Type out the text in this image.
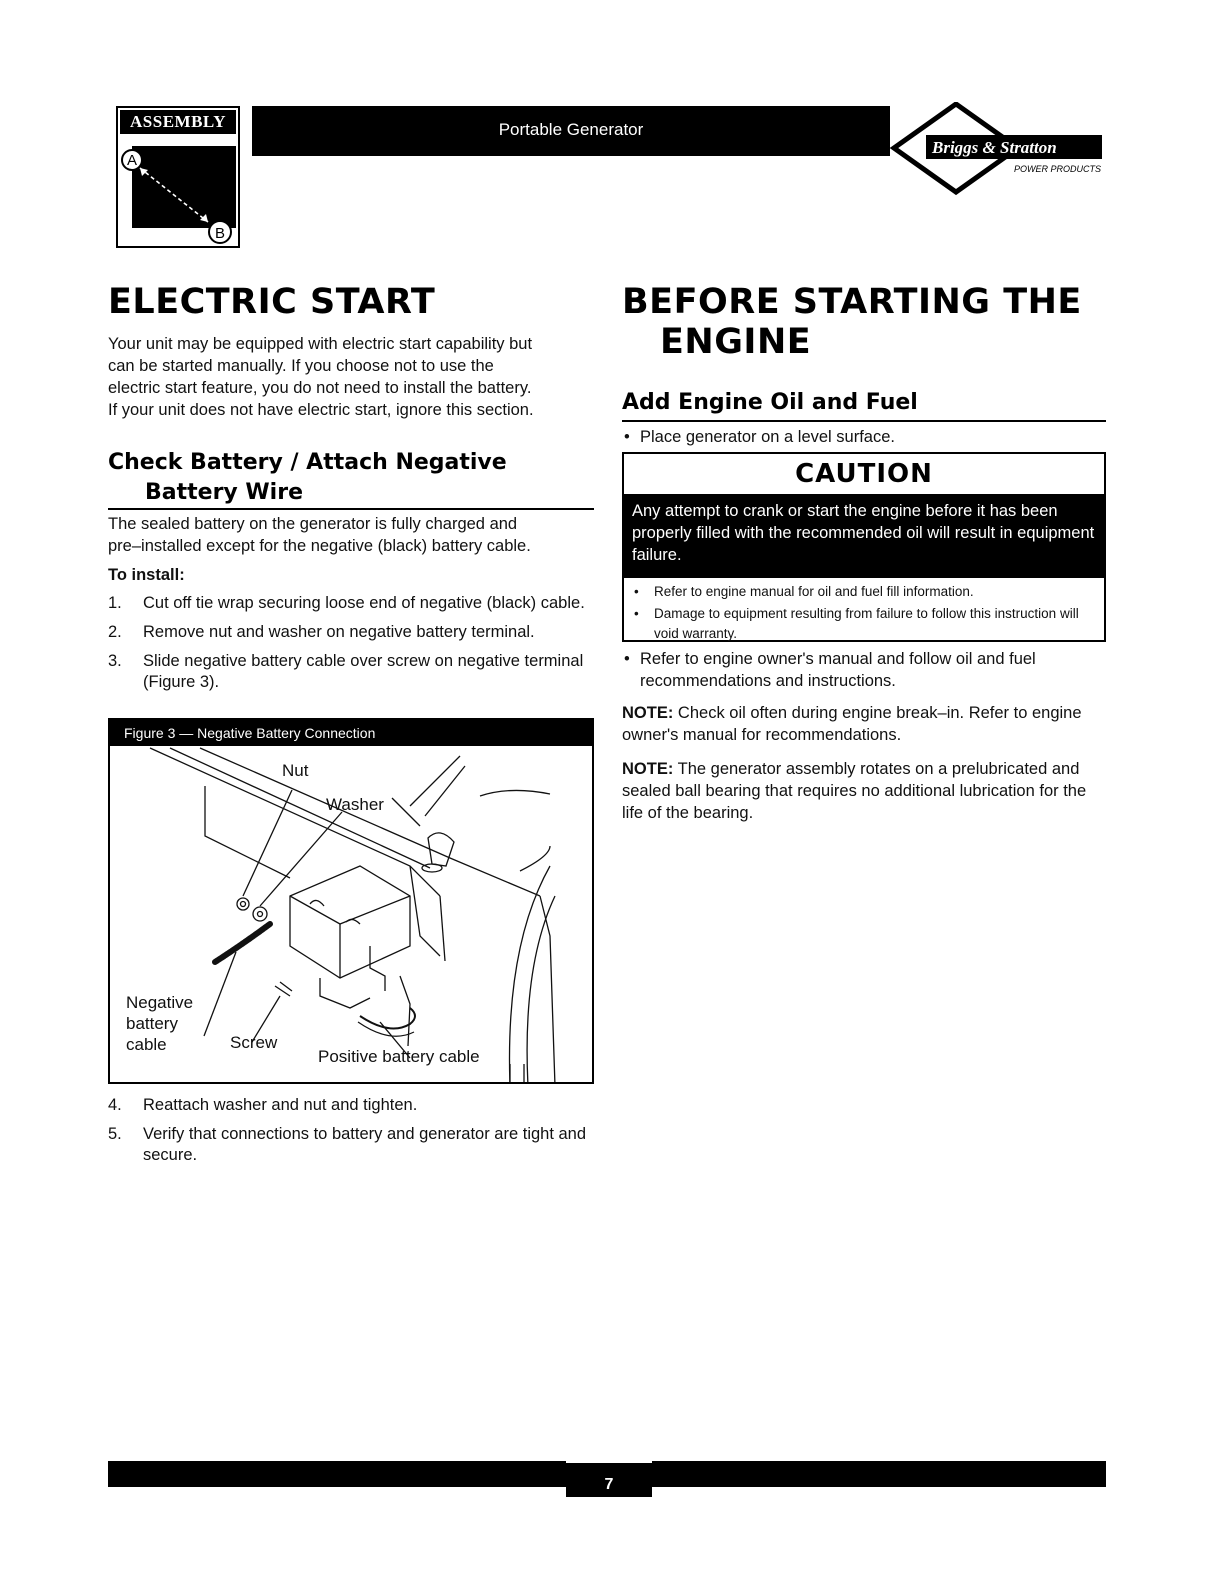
ASSEMBLY
A
B
Portable Generator
Briggs & Stratton
POWER PRODUCTS
ELECTRIC START
Your unit may be equipped with electric start capability but
can be started manually. If you choose not to use the
electric start feature, you do not need to install the battery.
If your unit does not have electric start, ignore this section.
Check Battery / Attach Negative
Battery Wire
The sealed battery on the generator is fully charged and
pre–installed except for the negative (black) battery cable.
To install:
1. Cut off tie wrap securing loose end of negative (black) cable.
2. Remove nut and washer on negative battery terminal.
3. Slide negative battery cable over screw on negative terminal (Figure 3).
Figure 3 — Negative Battery Connection
Nut
Washer
Negative
battery
cable	Screw
Positive battery cable
4. Reattach washer and nut and tighten.
5. Verify that connections to battery and generator are tight and secure.
BEFORE STARTING THE
ENGINE
Add Engine Oil and Fuel
• Place generator on a level surface.
CAUTION
Any attempt to crank or start the engine before it has been properly filled with the recommended oil will result in equipment failure.
• Refer to engine manual for oil and fuel fill information.
• Damage to equipment resulting from failure to follow this instruction will void warranty.
• Refer to engine owner's manual and follow oil and fuel recommendations and instructions.

NOTE: Check oil often during engine break–in. Refer to engine owner's manual for recommendations.

NOTE: The generator assembly rotates on a prelubricated and sealed ball bearing that requires no additional lubrication for the life of the bearing.

7
